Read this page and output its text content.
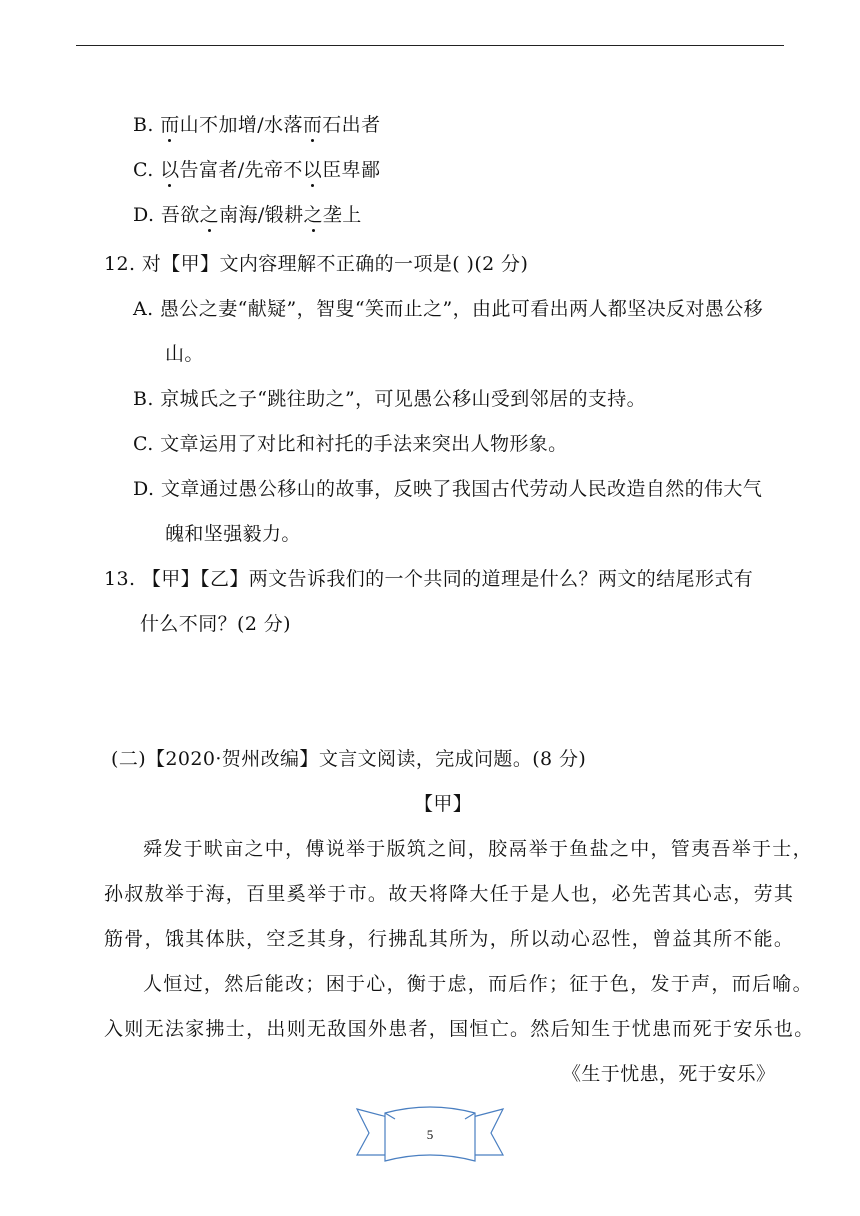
B. 而山不加增/水落而石出者
C. 以告富者/先帝不以臣卑鄙
D. 吾欲之南海/锻耕之垄上
12. 对【甲】文内容理解不正确的一项是( )(2 分)
A. 愚公之妻“献疑”，智叟“笑而止之”，由此可看出两人都坚决反对愚公移
山。
B. 京城氏之子“跳往助之”，可见愚公移山受到邻居的支持。
C. 文章运用了对比和衬托的手法来突出人物形象。
D. 文章通过愚公移山的故事，反映了我国古代劳动人民改造自然的伟大气
魄和坚强毅力。
13. 【甲】【乙】两文告诉我们的一个共同的道理是什么？两文的结尾形式有
什么不同？(2 分)
(二)【2020·贺州改编】文言文阅读，完成问题。(8 分)
【甲】
舜发于畎亩之中，傅说举于版筑之间，胶鬲举于鱼盐之中，管夷吾举于士，
孙叔敖举于海，百里奚举于市。故天将降大任于是人也，必先苦其心志，劳其
筋骨，饿其体肤，空乏其身，行拂乱其所为，所以动心忍性，曾益其所不能。
人恒过，然后能改；困于心，衡于虑，而后作；征于色，发于声，而后喻。
入则无法家拂士，出则无敌国外患者，国恒亡。然后知生于忧患而死于安乐也。
《生于忧患，死于安乐》
5
